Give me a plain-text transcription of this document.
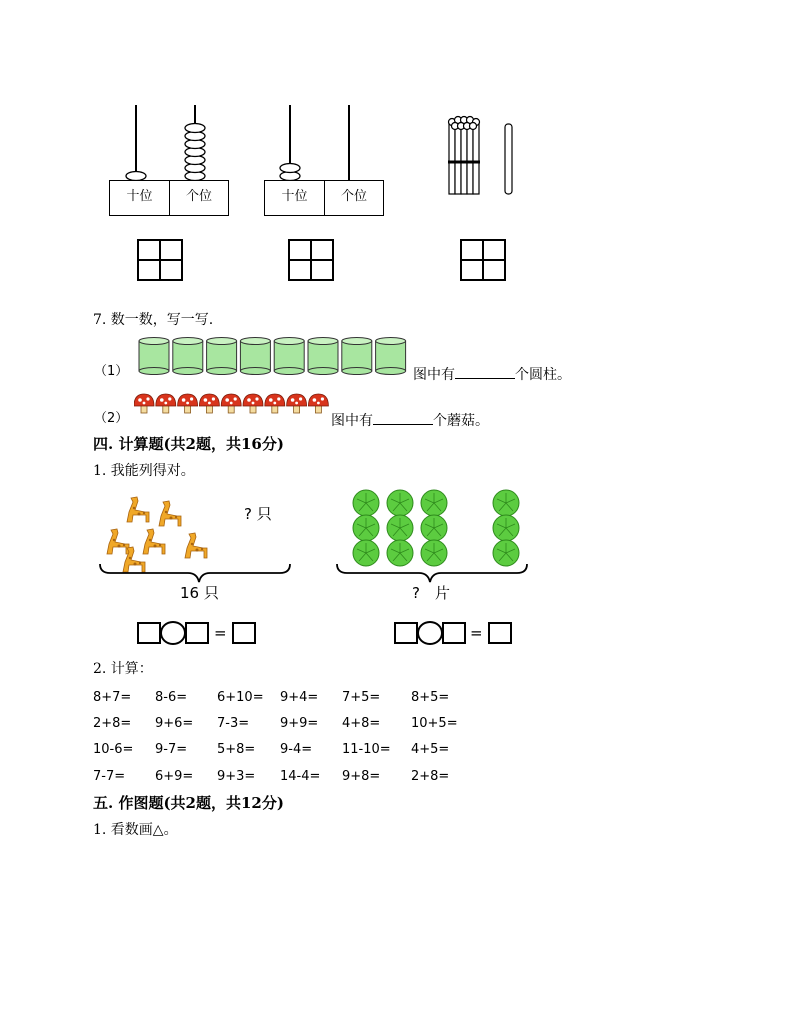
十位	个位	十位	个位
7. 数一数，写一写.
（1）	图中有	个圆柱。
（2）	图中有	个蘑菇。
四. 计算题(共2题，共16分)
1. 我能列得对。
? 只
16 只	?　片
=	=
2. 计算：
8+7= 8-6= 6+10= 9+4= 7+5= 8+5=
2+8= 9+6= 7-3= 9+9= 4+8= 10+5=
10-6= 9-7= 5+8= 9-4= 11-10= 4+5=
7-7= 6+9= 9+3= 14-4= 9+8= 2+8=
五. 作图题(共2题，共12分)
1. 看数画△。
